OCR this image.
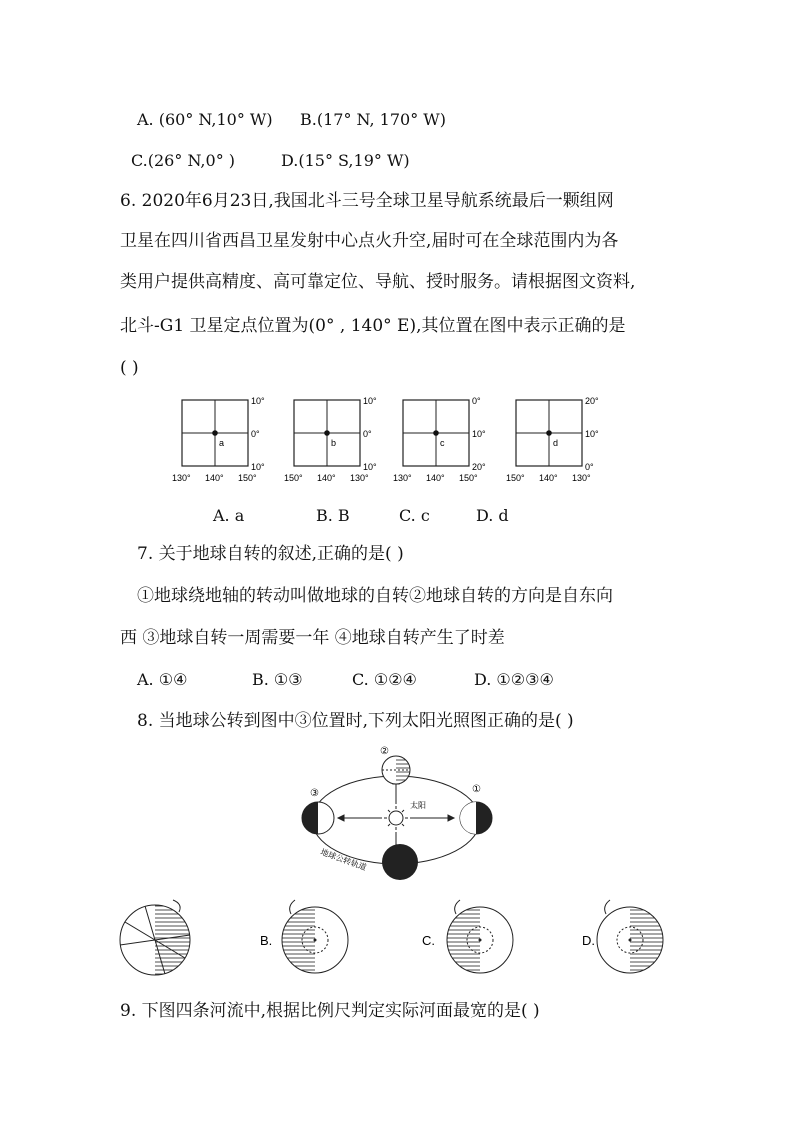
A. (60° N,10° W) B.(17° N, 170° W)
C.(26° N,0° )	D.(15° S,19° W)
6. 2020年6月23日,我国北斗三号全球卫星导航系统最后一颗组网
卫星在四川省西昌卫星发射中心点火升空,届时可在全球范围内为各
类用户提供高精度、高可靠定位、导航、授时服务。请根据图文资料,
北斗-G1 卫星定点位置为(0° , 140° E),其位置在图中表示正确的是
( )
a
10°
0°
10°
130° 140° 150°
b
10°
0°
10°
150° 140° 130°
c
0°
10°
20°
130° 140° 150°
d
20°
10°
0°
150° 140° 130°
A. a	B. B	C. c	D. d
7. 关于地球自转的叙述,正确的是( )
①地球绕地轴的转动叫做地球的自转②地球自转的方向是自东向
西 ③地球自转一周需要一年 ④地球自转产生了时差
A. ①④	B. ①③	C. ①②④	D. ①②③④
8. 当地球公转到图中③位置时,下列太阳光照图正确的是( )
太阳
②
①
③
地球公转轨道
B.	C.	D.
9. 下图四条河流中,根据比例尺判定实际河面最宽的是( )
